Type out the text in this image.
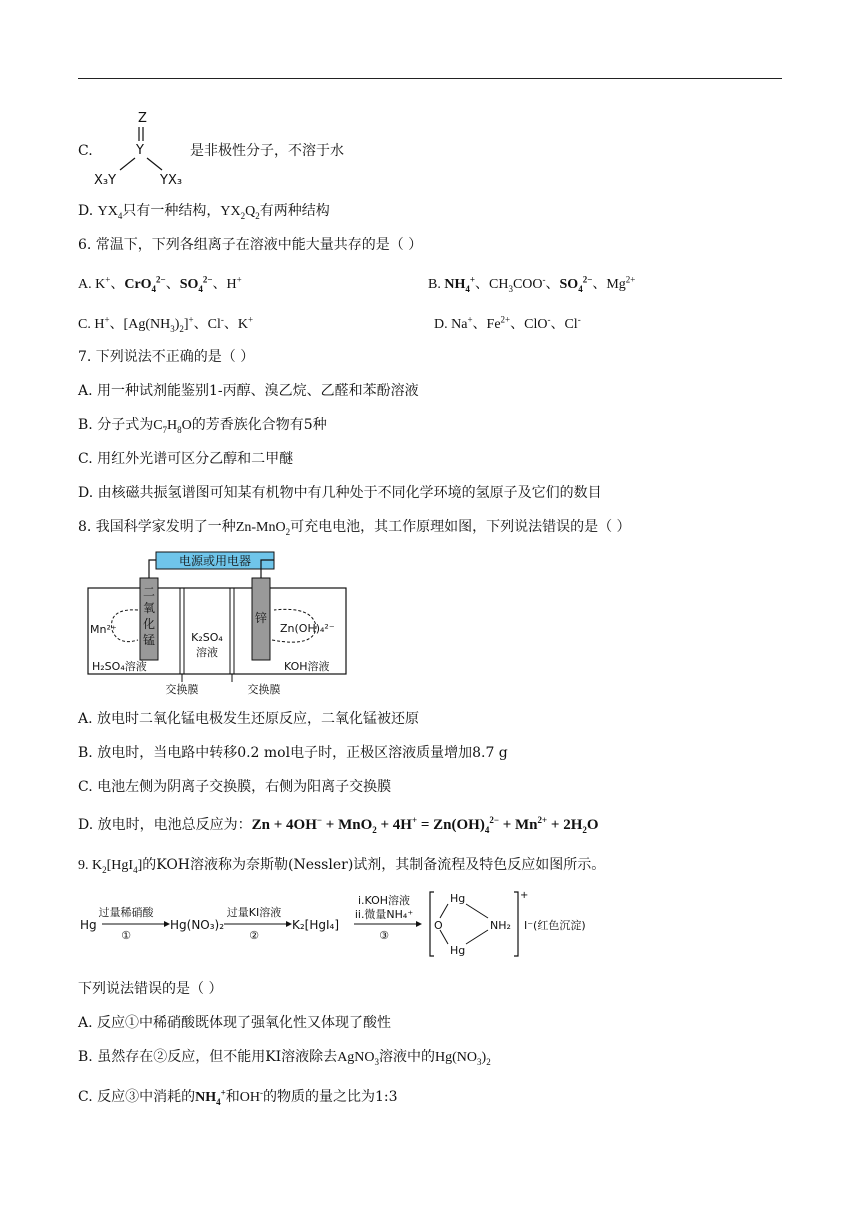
C.
Z
Y
X₃Y	YX₃
是非极性分子，不溶于水
D. $YX_4$只有一种结构，$YX_2Q_2$有两种结构
6. 常温下，下列各组离子在溶液中能大量共存的是（ ）
A. K+、CrO$_4^{2-}$、$SO_4^{2-}$、H+	B. $NH_4^+$、$CH_3COO^-$、$SO_4^{2-}$、$Mg^{2+}$
C. H+、$[Ag(NH_3)_2]^+$、Cl-、K+	D. Na+、$Fe^{2+}$、ClO-、Cl-
7. 下列说法不正确的是（ ）
A. 用一种试剂能鉴别1-丙醇、溴乙烷、乙醛和苯酚溶液
B. 分子式为$C_7H_8O$的芳香族化合物有5种
C. 用红外光谱可区分乙醇和二甲醚
D. 由核磁共振氢谱图可知某有机物中有几种处于不同化学环境的氢原子及它们的数目
8. 我国科学家发明了一种Zn-MnO$_2$可充电电池，其工作原理如图，下列说法错误的是（ ）
电源或用电器
二
氧
化
锰
锌
Mn²⁺	Zn(OH)₄²⁻
H₂SO₄溶液
K₂SO₄
溶液
KOH溶液
交换膜	交换膜
A. 放电时二氧化锰电极发生还原反应，二氧化锰被还原
B. 放电时，当电路中转移0.2 mol电子时，正极区溶液质量增加8.7 g
C. 电池左侧为阴离子交换膜，右侧为阳离子交换膜
D. 放电时，电池总反应为：$Zn + 4OH^- + MnO_2 + 4H^+ = Zn(OH)_4^{2-} + Mn^{2+} + 2H_2O$
9. $K_2[HgI_4]$的KOH溶液称为奈斯勒(Nessler)试剂，其制备流程及特色反应如图所示。
Hg
过量稀硝酸
①
Hg(NO₃)₂
过量KI溶液
②
K₂[HgI₄]
i.KOH溶液
ii.微量NH₄⁺
③
Hg
Hg
O	NH₂
+
I⁻(红色沉淀)
下列说法错误的是（ ）
A. 反应①中稀硝酸既体现了强氧化性又体现了酸性
B. 虽然存在②反应，但不能用KI溶液除去AgNO$_3$溶液中的$Hg(NO_3)_2$
C. 反应③中消耗的$NH_4^+$和OH-的物质的量之比为1:3
